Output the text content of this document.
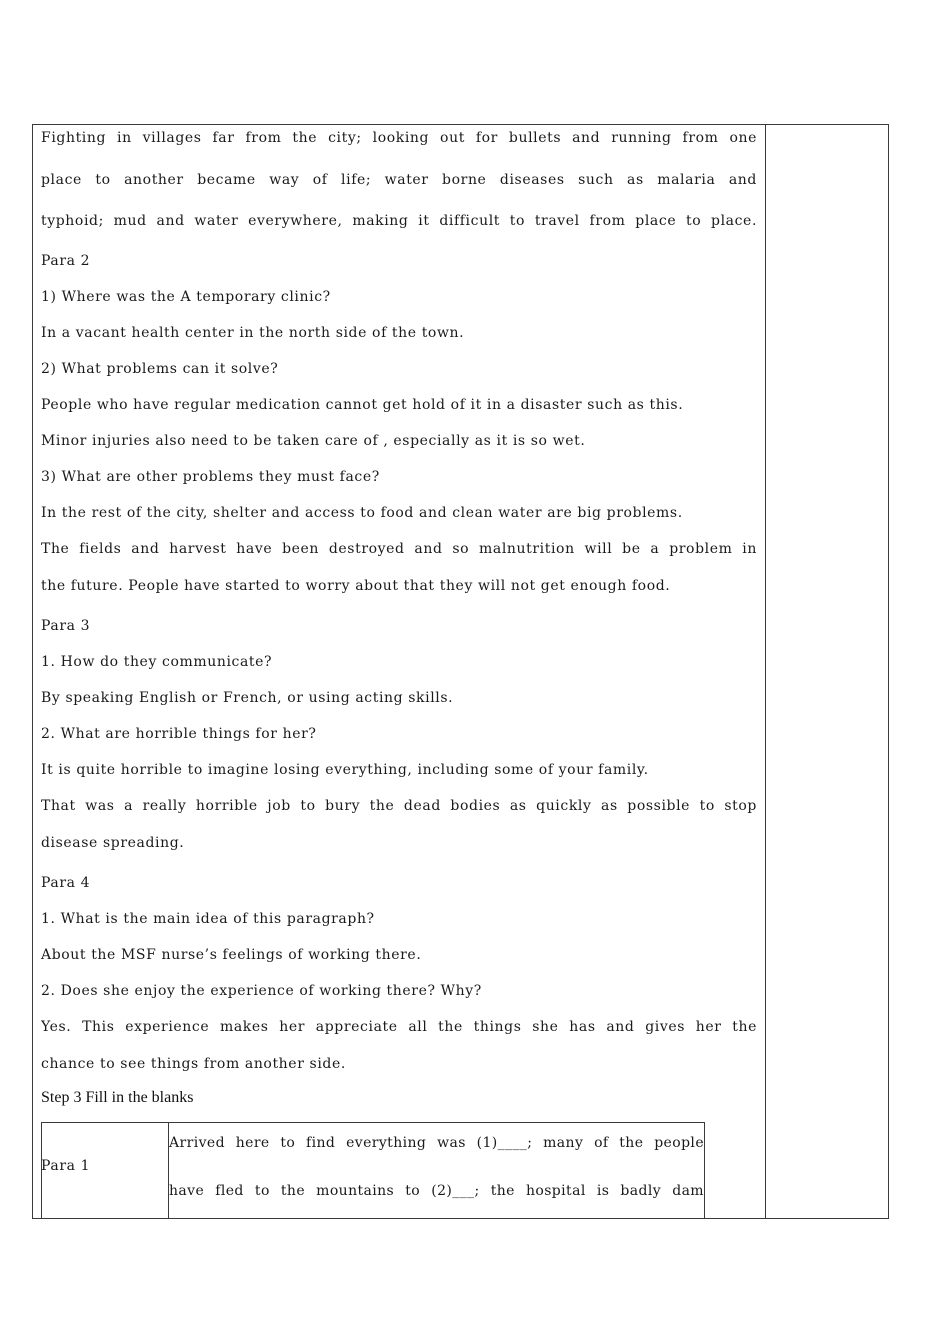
Fighting in villages far from the city; looking out for bullets and running from one
place to another became way of life; water borne diseases such as malaria and
typhoid; mud and water everywhere, making it difficult to travel from place to place.
Para 2
1) Where was the A temporary clinic?
In a vacant health center in the north side of the town.
2) What problems can it solve?
People who have regular medication cannot get hold of it in a disaster such as this.
Minor injuries also need to be taken care of , especially as it is so wet.
3) What are other problems they must face?
In the rest of the city, shelter and access to food and clean water are big problems.
The fields and harvest have been destroyed and so malnutrition will be a problem in
the future. People have started to worry about that they will not get enough food.
Para 3
1. How do they communicate?
By speaking English or French, or using acting skills.
2. What are horrible things for her?
It is quite horrible to imagine losing everything, including some of your family.
That was a really horrible job to bury the dead bodies as quickly as possible to stop
disease spreading.
Para 4
1. What is the main idea of this paragraph?
About the MSF nurse’s feelings of working there.
2. Does she enjoy the experience of working there? Why?
Yes. This experience makes her appreciate all the things she has and gives her the
chance to see things from another side.
Step 3 Fill in the blanks
Para 1
Arrived here to find everything was (1)____; many of the people
have fled to the mountains to (2)___; the hospital is badly dam
